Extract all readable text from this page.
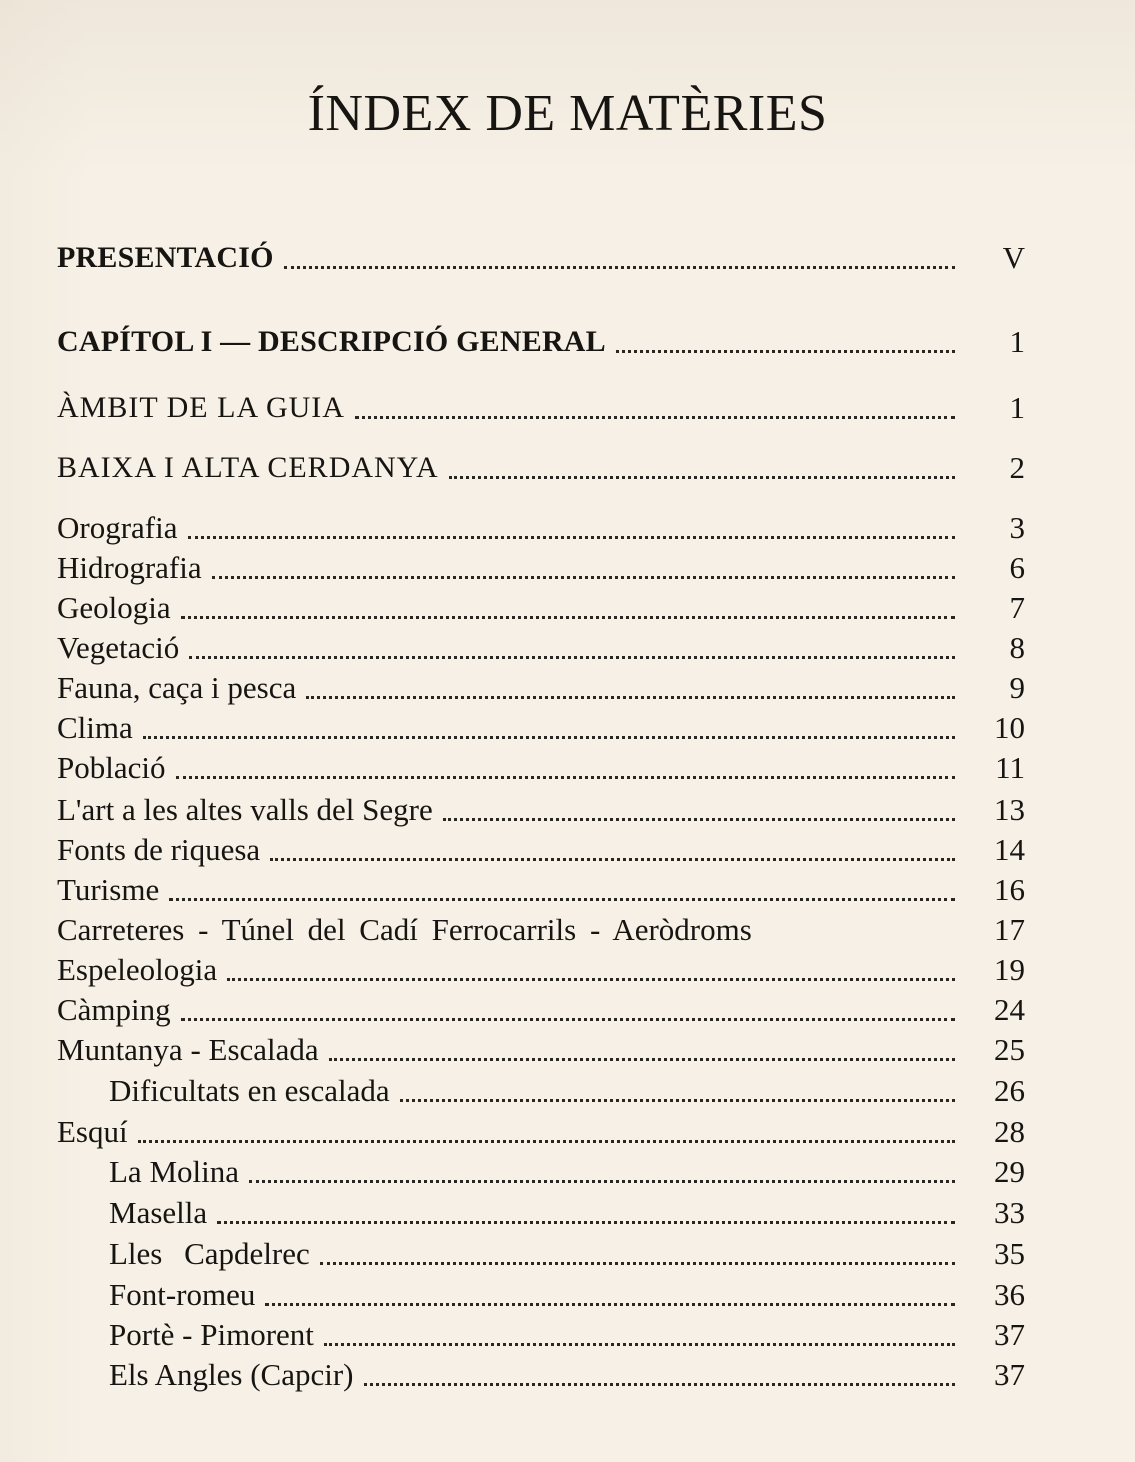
ÍNDEX DE MATÈRIES
PRESENTACIÓ	V
CAPÍTOL I — DESCRIPCIÓ GENERAL	1
ÀMBIT DE LA GUIA	1
BAIXA I ALTA CERDANYA	2
Orografia	3
Hidrografia	6
Geologia	7
Vegetació	8
Fauna, caça i pesca	9
Clima	10
Població	11
L'art a les altes valls del Segre	13
Fonts de riquesa	14
Turisme	16
Carreteres - Túnel del Cadí Ferrocarrils - Aeròdroms	17
Espeleologia	19
Càmping	24
Muntanya - Escalada	25
Dificultats en escalada	26
Esquí	28
La Molina	29
Masella	33
Lles Capdelrec	35
Font-romeu	36
Portè - Pimorent	37
Els Angles (Capcir)	37
